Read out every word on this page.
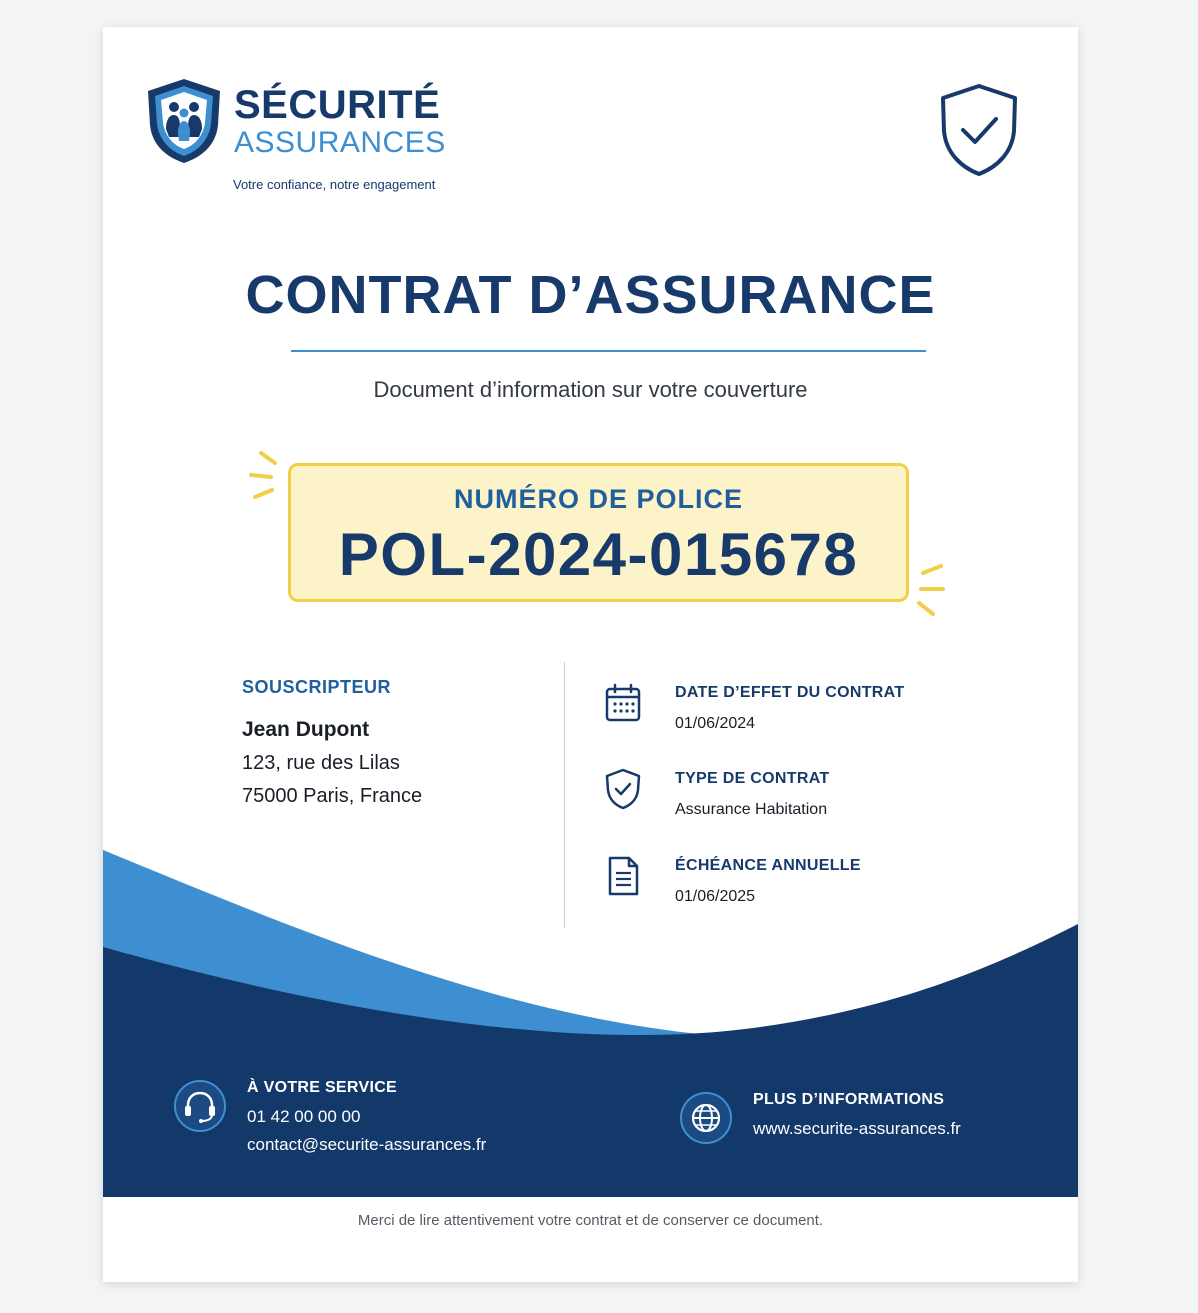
SÉCURITÉ
ASSURANCES
Votre confiance, notre engagement
CONTRAT D’ASSURANCE
Document d’information sur votre couverture
NUMÉRO DE POLICE
POL-2024-015678
SOUSCRIPTEUR
Jean Dupont
123, rue des Lilas
75000 Paris, France
DATE D’EFFET DU CONTRAT
01/06/2024
TYPE DE CONTRAT
Assurance Habitation
ÉCHÉANCE ANNUELLE
01/06/2025
À VOTRE SERVICE
01 42 00 00 00
contact@securite-assurances.fr
PLUS D’INFORMATIONS
www.securite-assurances.fr
Merci de lire attentivement votre contrat et de conserver ce document.
